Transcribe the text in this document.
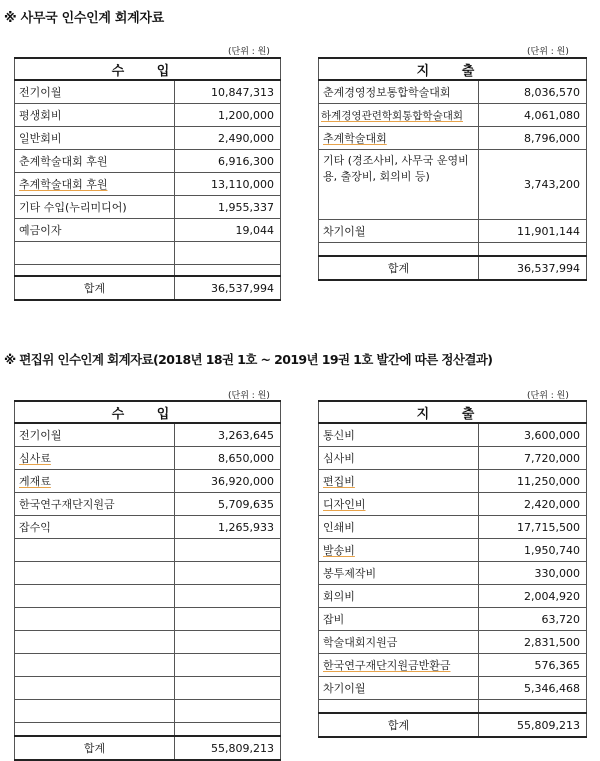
※ 사무국 인수인계 회계자료
(단위 : 원)
수 입	
전기이월	10,847,313
평생회비	1,200,000
일반회비	2,490,000
춘계학술대회 후원	6,916,300
추계학술대회 후원	13,110,000
기타 수입(누리미디어)	1,955,337
예금이자	19,044

합계	36,537,994
(단위 : 원)
지 출	
춘계경영정보통합학술대회	8,036,570
하계경영관련학회통합학술대회	4,061,080
추계학술대회	8,796,000
기타 (경조사비, 사무국 운영비용, 출장비, 회의비 등)	3,743,200
차기이월	11,901,144

합계	36,537,994
※ 편집위 인수인계 회계자료(2018년 18권 1호 ~ 2019년 19권 1호 발간에 따른 정산결과)
(단위 : 원)
수 입	
전기이월	3,263,645
심사료	8,650,000
게재료	36,920,000
한국연구재단지원금	5,709,635
잡수익	1,265,933

합계	55,809,213
(단위 : 원)
지 출	
통신비	3,600,000
심사비	7,720,000
편집비	11,250,000
디자인비	2,420,000
인쇄비	17,715,500
발송비	1,950,740
봉투제작비	330,000
회의비	2,004,920
잡비	63,720
학술대회지원금	2,831,500
한국연구재단지원금반환금	576,365
차기이월	5,346,468

합계	55,809,213
